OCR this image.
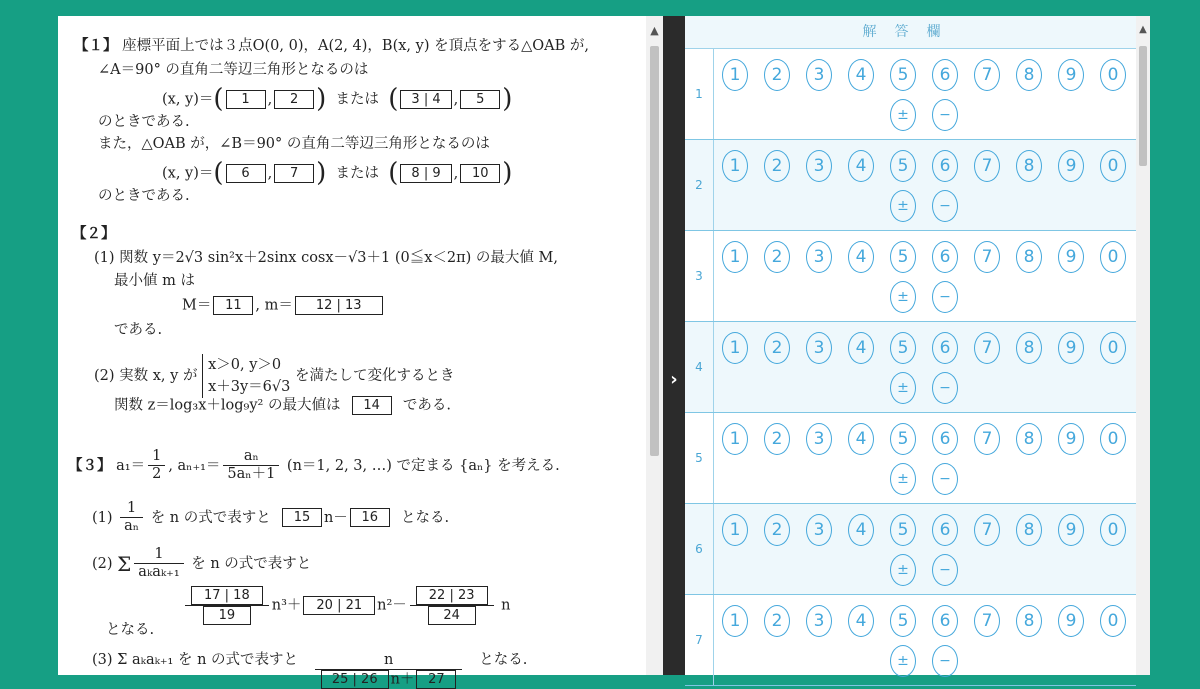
【１】 座標平面上では３点O(0, 0)，A(2, 4)，B(x, y) を頂点をする△OAB が,
∠A＝90° の直角二等辺三角形となるのは
(x, y)＝( 1 , 2 ) または ( 3 | 4 , 5 )
のときである.
また，△OAB が，∠B＝90° の直角二等辺三角形となるのは
(x, y)＝( 6 , 7 ) または ( 8 | 9 , 10 )
のときである.
【２】
(1) 関数 y＝2√3 sin²x＋2sinx cosx－√3＋1 (0≦x＜2π) の最大値 M,
最小値 m は
M＝ 11 , m＝ 12 | 13
である.
(2) 実数 x, y が
x＞0, y＞0
x＋3y＝6√3
を満たして変化するとき
関数 z＝log₃x＋log₉y² の最大値は 14 である.
【３】 $a_1= \frac{1}{2}$ , $a_{n+1}= \frac{\text{aₙ}}{\text{5aₙ＋1}} (n=1$, 2, 3, …) で定まる {aₙ} を考える.
$(1) \frac{1}{\text{aₙ}}$ を n の式で表すと 15 n－ 16 となる.
(2) Σ $\frac{1}{\text{aₖaₖ₊₁}}$ を n の式で表すと
$\frac{17 | 18}{19} n^3+ 20$ | 21 $n^2- \frac{22 | 23}{24}$ n
となる.
(3) Σ aₖaₖ₊₁ を n の式で表すと $\frac{n}{25 | 26 n+ 27}$ となる.
▲
›
解答欄
1
1	2	3	4	5	6	7	8	9	0
±	−
2
1	2	3	4	5	6	7	8	9	0
±	−
3
1	2	3	4	5	6	7	8	9	0
±	−
4
1	2	3	4	5	6	7	8	9	0
±	−
5
1	2	3	4	5	6	7	8	9	0
±	−
6
1	2	3	4	5	6	7	8	9	0
±	−
7
1	2	3	4	5	6	7	8	9	0
±	−
▲
